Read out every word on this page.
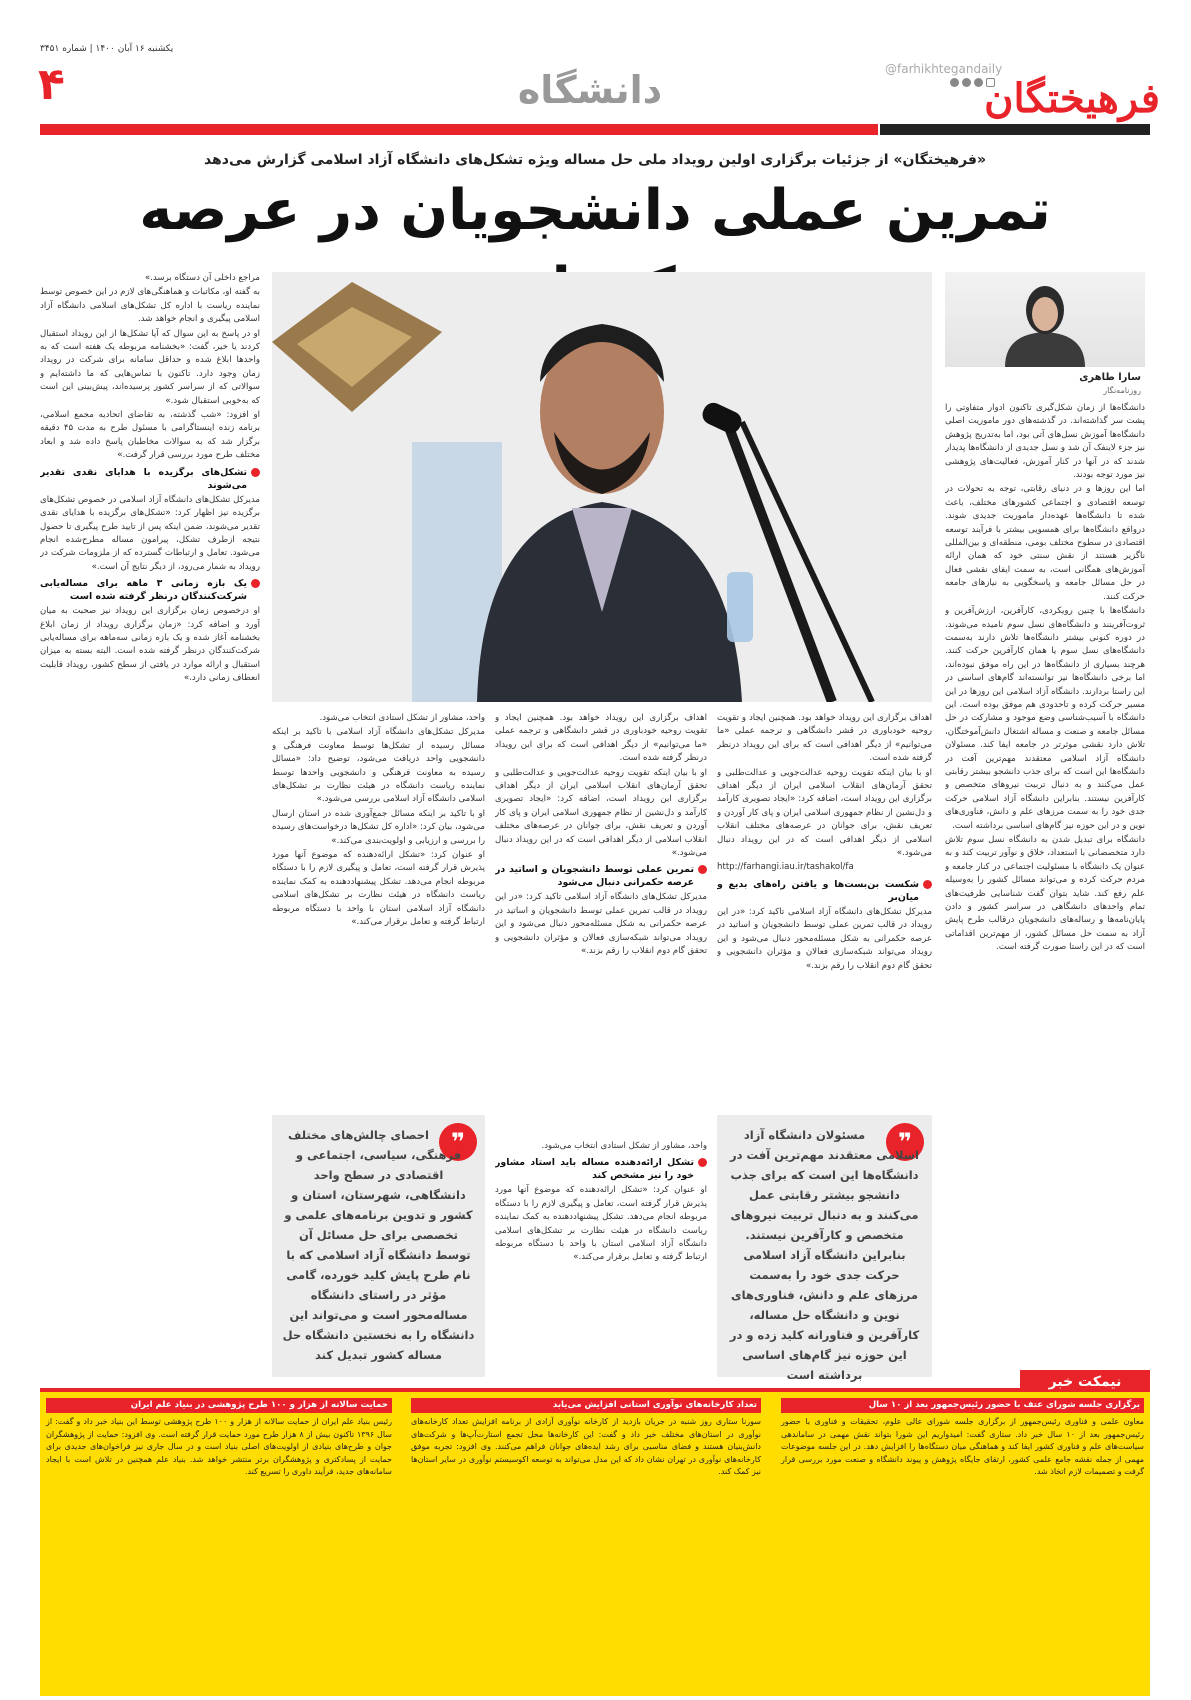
یکشنبه ۱۶ آبان ۱۴۰۰ | شماره ۳۴۵۱
۴	دانشگاه	@farhikhtegandaily
فرهیختگان
«فرهیختگان» از جزئیات برگزاری اولین رویداد ملی حل مساله ویژه تشکل‌های دانشگاه آزاد اسلامی گزارش می‌دهد
تمرین عملی دانشجویان در عرصه
سارا طاهری
روزنامه‌نگار

دانشگاه‌ها از زمان شکل‌گیری تاکنون ادوار متفاوتی را پشت سر گذاشته‌اند. در گذشته‌های دور ماموریت اصلی دانشگاه‌ها آموزش نسل‌های آتی بود، اما به‌تدریج پژوهش نیز جزء لاینفک آن شد و نسل جدیدی از دانشگاه‌ها پدیدار شدند که در آنها در کنار آموزش، فعالیت‌های پژوهشی نیز مورد توجه بودند.

اما این روزها و در دنیای رقابتی، توجه به تحولات در توسعه اقتصادی و اجتماعی کشورهای مختلف، باعث شده تا دانشگاه‌ها عهده‌دار ماموریت جدیدی شوند. درواقع دانشگاه‌ها برای همسویی بیشتر با فرآیند توسعه اقتصادی در سطوح مختلف بومی، منطقه‌ای و بین‌المللی ناگزیر هستند از نقش سنتی خود که همان ارائه آموزش‌های همگانی است، به سمت ایفای نقشی فعال در حل مسائل جامعه و پاسخگویی به نیازهای جامعه حرکت کنند.

دانشگاه‌ها با چنین رویکردی، کارآفرین، ارزش‌آفرین و ثروت‌آفرینند و دانشگاه‌های نسل سوم نامیده می‌شوند. در دوره کنونی بیشتر دانشگاه‌ها تلاش دارند به‌سمت دانشگاه‌های نسل سوم یا همان کارآفرین حرکت کنند. هرچند بسیاری از دانشگاه‌ها در این راه موفق نبوده‌اند، اما برخی دانشگاه‌ها نیز توانسته‌اند گام‌های اساسی در این راستا بردارند. دانشگاه آزاد اسلامی این روزها در این مسیر حرکت کرده و تاحدودی هم موفق بوده است. این دانشگاه با آسیب‌شناسی وضع موجود و مشارکت در حل مسائل جامعه و صنعت و مساله اشتغال دانش‌آموختگان، تلاش دارد نقشی موثرتر در جامعه ایفا کند. مسئولان دانشگاه آزاد اسلامی معتقدند مهم‌ترین آفت در دانشگاه‌ها این است که برای جذب دانشجو بیشتر رقابتی عمل می‌کنند و به دنبال تربیت نیروهای متخصص و کارآفرین نیستند. بنابراین دانشگاه آزاد اسلامی حرکت جدی خود را به سمت مرزهای علم و دانش، فناوری‌های نوین و در این حوزه نیز گام‌های اساسی برداشته است.

دانشگاه برای تبدیل شدن به دانشگاه نسل سوم تلاش دارد متخصصانی با استعداد، خلاق و نوآور تربیت کند و به عنوان یک دانشگاه با مسئولیت اجتماعی در کنار جامعه و مردم حرکت کرده و می‌تواند مسائل کشور را به‌وسیله علم رفع کند. شاید بتوان گفت شناسایی ظرفیت‌های تمام واحدهای دانشگاهی در سراسر کشور و دادن پایان‌نامه‌ها و رساله‌های دانشجویان درقالب طرح پایش آزاد به سمت حل مسائل کشور، از مهم‌ترین اقداماتی است که در این راستا صورت گرفته است.

مراجع داخلی آن دستگاه برسد.»

به گفته او، مکاتبات و هماهنگی‌های لازم در این خصوص توسط نماینده ریاست با اداره کل تشکل‌های اسلامی دانشگاه آزاد اسلامی پیگیری و انجام خواهد شد.

او در پاسخ به این سوال که آیا تشکل‌ها از این رویداد استقبال کردند یا خیر، گفت: «بخشنامه مربوطه یک هفته است که به واحدها ابلاغ شده و حداقل سامانه برای شرکت در رویداد زمان وجود دارد. تاکنون با تماس‌هایی که ما داشته‌ایم و سوالاتی که از سراسر کشور پرسیده‌اند، پیش‌بینی این است که به‌خوبی استقبال شود.»

او افزود: «شب گذشته، به تقاضای اتحادیه مجمع اسلامی، برنامه زنده اینستاگرامی با مسئول طرح به مدت ۴۵ دقیقه برگزار شد که به سوالات مخاطبان پاسخ داده شد و ابعاد مختلف طرح مورد بررسی قرار گرفت.»

تشکل‌های برگزیده با هدایای نقدی تقدیر می‌شوند

مدیرکل تشکل‌های دانشگاه آزاد اسلامی در خصوص تشکل‌های برگزیده نیز اظهار کرد: «تشکل‌های برگزیده با هدایای نقدی تقدیر می‌شوند، ضمن اینکه پس از تایید طرح پیگیری تا حصول نتیجه ازطرف تشکل، پیرامون مساله مطرح‌شده انجام می‌شود. تعامل و ارتباطات گسترده که از ملزومات شرکت در رویداد به شمار می‌رود، از دیگر نتایج آن است.»

یک بازه زمانی ۳ ماهه برای مساله‌یابی شرکت‌کنندگان درنظر گرفته شده است

او درخصوص زمان برگزاری این رویداد نیز صحبت به میان آورد و اضافه کرد: «زمان برگزاری رویداد از زمان ابلاغ بخشنامه آغاز شده و یک بازه زمانی سه‌ماهه برای مساله‌یابی شرکت‌کنندگان درنظر گرفته شده است. البته بسته به میزان استقبال و ارائه موارد در یافتی از سطح کشور، رویداد قابلیت انعطاف زمانی دارد.»

اهداف برگزاری این رویداد خواهد بود. همچنین ایجاد و تقویت روحیه خودباوری در قشر دانشگاهی و ترجمه عملی «ما می‌توانیم» از دیگر اهدافی است که برای این رویداد درنظر گرفته شده است.

او با بیان اینکه تقویت روحیه عدالت‌جویی و عدالت‌طلبی و تحقق آرمان‌های انقلاب اسلامی ایران از دیگر اهداف برگزاری این رویداد است، اضافه کرد: «ایجاد تصویری کارآمد و دل‌نشین از نظام جمهوری اسلامی ایران و پای کار آوردن و تعریف نقش، برای جوانان در عرصه‌های مختلف انقلاب اسلامی از دیگر اهدافی است که در این رویداد دنبال می‌شود.»

http://farhangi.iau.ir/tashakol/fa

شکست بن‌بست‌ها و یافتن راه‌های بدیع و میان‌بر

مدیرکل تشکل‌های دانشگاه آزاد اسلامی تاکید کرد: «در این رویداد در قالب تمرین عملی توسط دانشجویان و اساتید در عرصه حکمرانی به شکل مسئله‌محور دنبال می‌شود و این رویداد می‌تواند شبکه‌سازی فعالان و مؤثران دانشجویی و تحقق گام دوم انقلاب را رقم بزند.»

اهداف برگزاری این رویداد خواهد بود. همچنین ایجاد و تقویت روحیه خودباوری در قشر دانشگاهی و ترجمه عملی «ما می‌توانیم» از دیگر اهدافی است که برای این رویداد درنظر گرفته شده است.

او با بیان اینکه تقویت روحیه عدالت‌جویی و عدالت‌طلبی و تحقق آرمان‌های انقلاب اسلامی ایران از دیگر اهداف برگزاری این رویداد است، اضافه کرد: «ایجاد تصویری کارآمد و دل‌نشین از نظام جمهوری اسلامی ایران و پای کار آوردن و تعریف نقش، برای جوانان در عرصه‌های مختلف انقلاب اسلامی از دیگر اهدافی است که در این رویداد دنبال می‌شود.»

تمرین عملی توسط دانشجویان و اساتید در عرصه حکمرانی دنبال می‌شود

مدیرکل تشکل‌های دانشگاه آزاد اسلامی تاکید کرد: «در این رویداد در قالب تمرین عملی توسط دانشجویان و اساتید در عرصه حکمرانی به شکل مسئله‌محور دنبال می‌شود و این رویداد می‌تواند شبکه‌سازی فعالان و مؤثران دانشجویی و تحقق گام دوم انقلاب را رقم بزند.»

واحد، مشاور از تشکل استادی انتخاب می‌شود.

مدیرکل تشکل‌های دانشگاه آزاد اسلامی با تاکید بر اینکه مسائل رسیده از تشکل‌ها توسط معاونت فرهنگی و دانشجویی واحد دریافت می‌شود، توضیح داد: «مسائل رسیده به معاونت فرهنگی و دانشجویی واحدها توسط نماینده ریاست دانشگاه در هیئت نظارت بر تشکل‌های اسلامی دانشگاه آزاد اسلامی بررسی می‌شود.»

او با تاکید بر اینکه مسائل جمع‌آوری شده در استان ارسال می‌شود، بیان کرد: «اداره کل تشکل‌ها درخواست‌های رسیده را بررسی و ارزیابی و اولویت‌بندی می‌کند.»

او عنوان کرد: «تشکل ارائه‌دهنده که موضوع آنها مورد پذیرش قرار گرفته است، تعامل و پیگیری لازم را با دستگاه مربوطه انجام می‌دهد. تشکل پیشنهاددهنده به کمک نماینده ریاست دانشگاه در هیئت نظارت بر تشکل‌های اسلامی دانشگاه آزاد اسلامی استان با واحد با دستگاه مربوطه ارتباط گرفته و تعامل برقرار می‌کند.»

❞
مسئولان دانشگاه آزاد اسلامی معتقدند مهم‌ترین آفت در دانشگاه‌ها این است که برای جذب دانشجو بیشتر رقابتی عمل می‌کنند و به دنبال تربیت نیروهای متخصص و کارآفرین نیستند. بنابراین دانشگاه آزاد اسلامی حرکت جدی خود را به‌سمت مرزهای علم و دانش، فناوری‌های نوین و دانشگاه حل مساله، کارآفرین و فناورانه کلید زده و در این حوزه نیز گام‌های اساسی برداشته است

واحد، مشاور از تشکل استادی انتخاب می‌شود.

تشکل ارائه‌دهنده مساله باید استاد مشاور خود را نیز مشخص کند

او عنوان کرد: «تشکل ارائه‌دهنده که موضوع آنها مورد پذیرش قرار گرفته است، تعامل و پیگیری لازم را با دستگاه مربوطه انجام می‌دهد. تشکل پیشنهاددهنده به کمک نماینده ریاست دانشگاه در هیئت نظارت بر تشکل‌های اسلامی دانشگاه آزاد اسلامی استان با واحد با دستگاه مربوطه ارتباط گرفته و تعامل برقرار می‌کند.»

❞
احصای چالش‌های مختلف فرهنگی، سیاسی، اجتماعی و اقتصادی در سطح واحد دانشگاهی، شهرستان، استان و کشور و تدوین برنامه‌های علمی و تخصصی برای حل مسائل آن توسط دانشگاه آزاد اسلامی که با نام طرح پایش کلید خورده، گامی مؤثر در راستای دانشگاه مساله‌محور است و می‌تواند این دانشگاه را به نخستین دانشگاه حل مساله کشور تبدیل کند
نیمکت خبر
برگزاری جلسه شورای عتف با حضور رئیس‌جمهور بعد از ۱۰ سال
معاون علمی و فناوری رئیس‌جمهور از برگزاری جلسه شورای عالی علوم، تحقیقات و فناوری با حضور رئیس‌جمهور بعد از ۱۰ سال خبر داد. ستاری گفت: امیدواریم این شورا بتواند نقش مهمی در ساماندهی سیاست‌های علم و فناوری کشور ایفا کند و هماهنگی میان دستگاه‌ها را افزایش دهد. در این جلسه موضوعات مهمی از جمله نقشه جامع علمی کشور، ارتقای جایگاه پژوهش و پیوند دانشگاه و صنعت مورد بررسی قرار گرفت و تصمیمات لازم اتخاذ شد.
تعداد کارخانه‌های نوآوری استانی افزایش می‌یابد
سورنا ستاری روز شنبه در جریان بازدید از کارخانه نوآوری آزادی از برنامه افزایش تعداد کارخانه‌های نوآوری در استان‌های مختلف خبر داد و گفت: این کارخانه‌ها محل تجمع استارت‌آپ‌ها و شرکت‌های دانش‌بنیان هستند و فضای مناسبی برای رشد ایده‌های جوانان فراهم می‌کنند. وی افزود: تجربه موفق کارخانه‌های نوآوری در تهران نشان داد که این مدل می‌تواند به توسعه اکوسیستم نوآوری در سایر استان‌ها نیز کمک کند.
حمایت سالانه از هزار و ۱۰۰ طرح پژوهشی در بنیاد علم ایران
رئیس بنیاد علم ایران از حمایت سالانه از هزار و ۱۰۰ طرح پژوهشی توسط این بنیاد خبر داد و گفت: از سال ۱۳۹۶ تاکنون بیش از ۸ هزار طرح مورد حمایت قرار گرفته است. وی افزود: حمایت از پژوهشگران جوان و طرح‌های بنیادی از اولویت‌های اصلی بنیاد است و در سال جاری نیز فراخوان‌های جدیدی برای حمایت از پسادکتری و پژوهشگران برتر منتشر خواهد شد. بنیاد علم همچنین در تلاش است با ایجاد سامانه‌های جدید، فرآیند داوری را تسریع کند.
